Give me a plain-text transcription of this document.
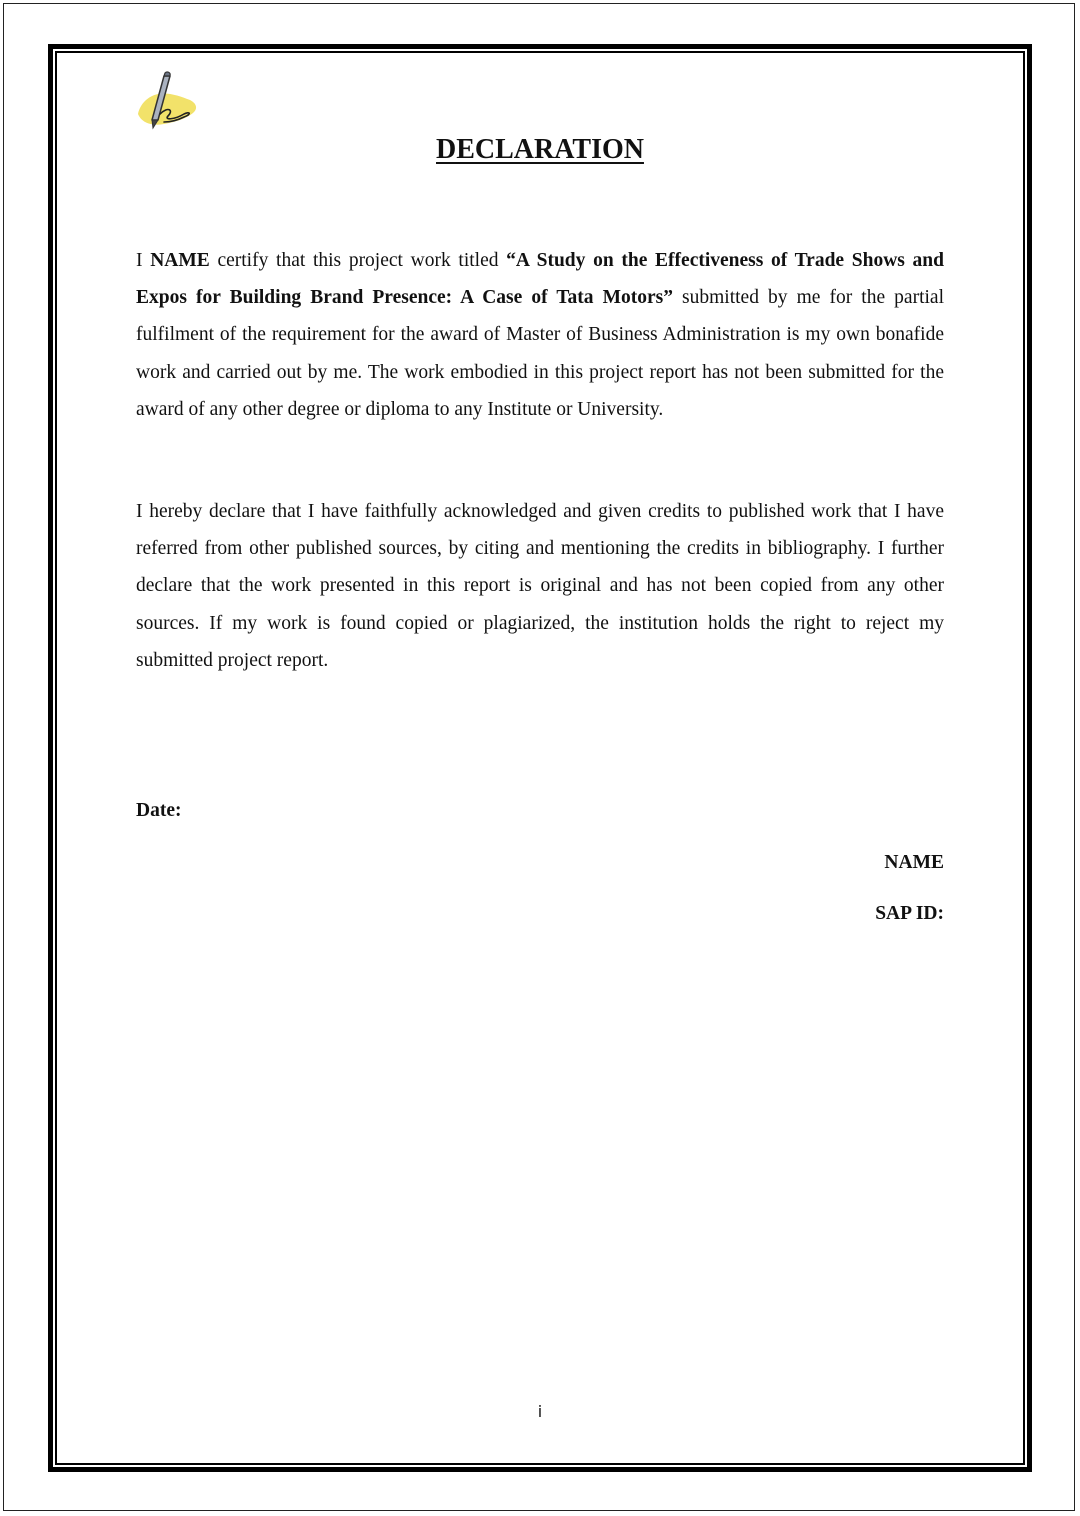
DECLARATION

I NAME certify that this project work titled “A Study on the Effectiveness of Trade Shows and Expos for Building Brand Presence: A Case of Tata Motors” submitted by me for the partial fulfilment of the requirement for the award of Master of Business Administration is my own bonafide work and carried out by me. The work embodied in this project report has not been submitted for the award of any other degree or diploma to any Institute or University.

I hereby declare that I have faithfully acknowledged and given credits to published work that I have referred from other published sources, by citing and mentioning the credits in bibliography. I further declare that the work presented in this report is original and has not been copied from any other sources. If my work is found copied or plagiarized, the institution holds the right to reject my submitted project report.

Date:
NAME
SAP ID:
i
